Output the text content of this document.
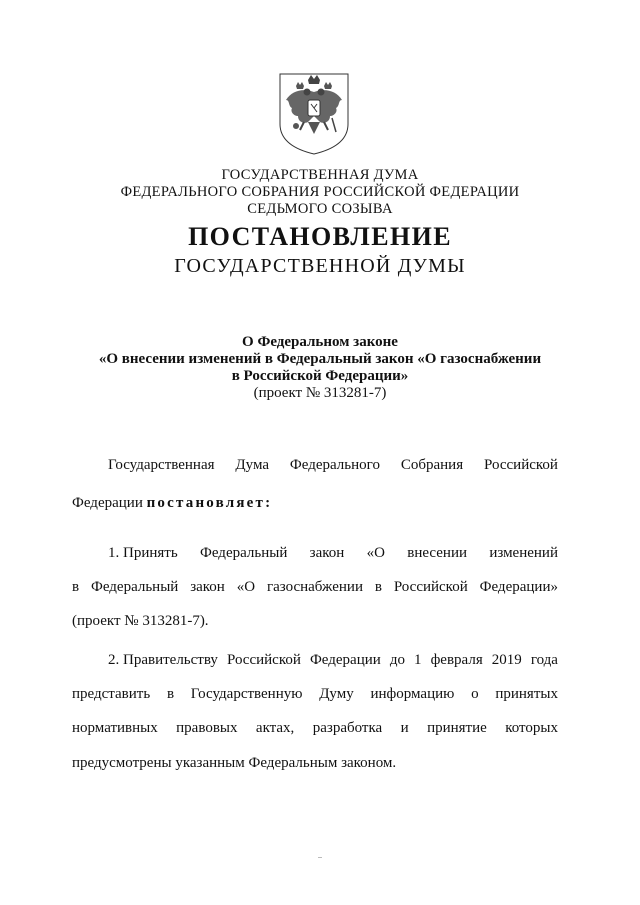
ГОСУДАРСТВЕННАЯ ДУМА
ФЕДЕРАЛЬНОГО СОБРАНИЯ РОССИЙСКОЙ ФЕДЕРАЦИИ
СЕДЬМОГО СОЗЫВА
ПОСТАНОВЛЕНИЕ
ГОСУДАРСТВЕННОЙ ДУМЫ
О Федеральном законе
«О внесении изменений в Федеральный закон «О газоснабжении
в Российской Федерации»
(проект № 313281-7)
Государственная Дума Федерального Собрания Российской
Федерации постановляет:
1. Принять Федеральный закон «О внесении изменений
в Федеральный закон «О газоснабжении в Российской Федерации»
(проект № 313281-7).
2. Правительству Российской Федерации до 1 февраля 2019 года
представить в Государственную Думу информацию о принятых
нормативных правовых актах, разработка и принятие которых
предусмотрены указанным Федеральным законом.
